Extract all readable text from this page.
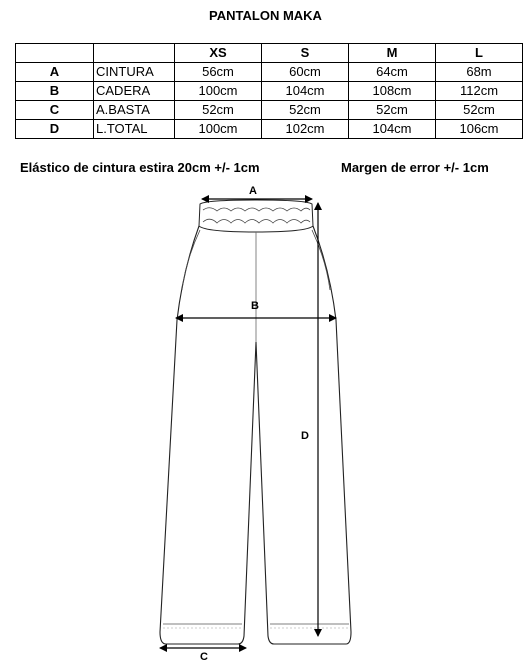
PANTALON MAKA
		XS	S	M	L
A	CINTURA	56cm	60cm	64cm	68m
B	CADERA	100cm	104cm	108cm	112cm
C	A.BASTA	52cm	52cm	52cm	52cm
D	L.TOTAL	100cm	102cm	104cm	106cm
Elástico de cintura estira 20cm +/- 1cm	Margen de error +/- 1cm
A
B
C
D
